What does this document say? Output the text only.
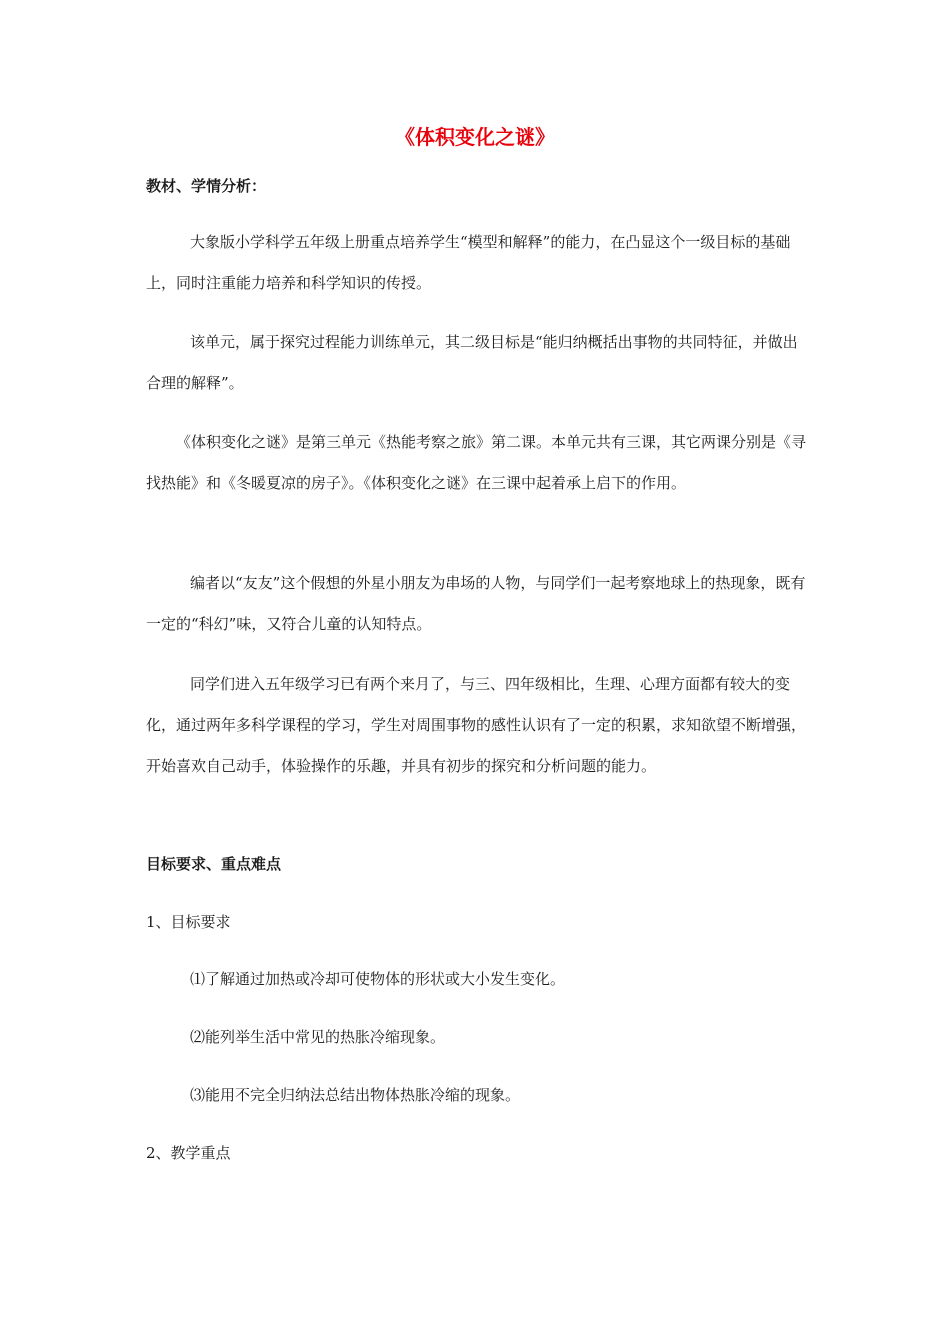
《体积变化之谜》
教材、学情分析：

大象版小学科学五年级上册重点培养学生“模型和解释”的能力，在凸显这个一级目标的基础上，同时注重能力培养和科学知识的传授。

该单元，属于探究过程能力训练单元，其二级目标是“能归纳概括出事物的共同特征，并做出合理的解释”。

《体积变化之谜》是第三单元《热能考察之旅》第二课。本单元共有三课，其它两课分别是《寻找热能》和《冬暖夏凉的房子》。《体积变化之谜》在三课中起着承上启下的作用。

编者以“友友”这个假想的外星小朋友为串场的人物，与同学们一起考察地球上的热现象，既有一定的“科幻”味，又符合儿童的认知特点。

同学们进入五年级学习已有两个来月了，与三、四年级相比，生理、心理方面都有较大的变化，通过两年多科学课程的学习，学生对周围事物的感性认识有了一定的积累，求知欲望不断增强，开始喜欢自己动手，体验操作的乐趣，并具有初步的探究和分析问题的能力。

目标要求、重点难点

1、目标要求

⑴了解通过加热或冷却可使物体的形状或大小发生变化。

⑵能列举生活中常见的热胀冷缩现象。

⑶能用不完全归纳法总结出物体热胀冷缩的现象。

2、教学重点
